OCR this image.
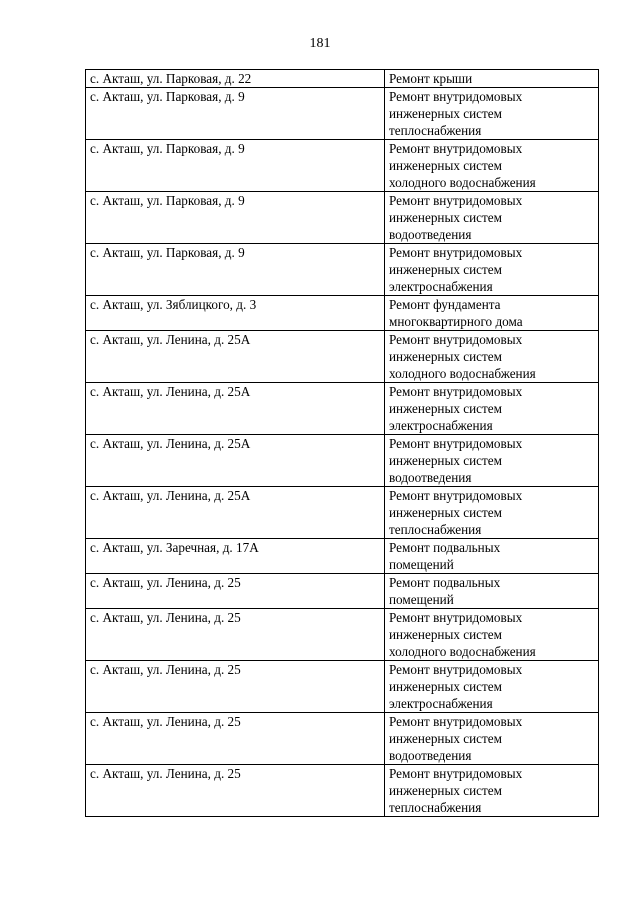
181
с. Акташ, ул. Парковая, д. 22	Ремонт крыши

с. Акташ, ул. Парковая, д. 9	Ремонт внутридомовых
инженерных систем
теплоснабжения

с. Акташ, ул. Парковая, д. 9	Ремонт внутридомовых
инженерных систем
холодного водоснабжения

с. Акташ, ул. Парковая, д. 9	Ремонт внутридомовых
инженерных систем
водоотведения

с. Акташ, ул. Парковая, д. 9	Ремонт внутридомовых
инженерных систем
электроснабжения

с. Акташ, ул. Зяблицкого, д. 3	Ремонт фундамента
многоквартирного дома

с. Акташ, ул. Ленина, д. 25А	Ремонт внутридомовых
инженерных систем
холодного водоснабжения

с. Акташ, ул. Ленина, д. 25А	Ремонт внутридомовых
инженерных систем
электроснабжения

с. Акташ, ул. Ленина, д. 25А	Ремонт внутридомовых
инженерных систем
водоотведения

с. Акташ, ул. Ленина, д. 25А	Ремонт внутридомовых
инженерных систем
теплоснабжения

с. Акташ, ул. Заречная, д. 17А	Ремонт подвальных
помещений

с. Акташ, ул. Ленина, д. 25	Ремонт подвальных
помещений

с. Акташ, ул. Ленина, д. 25	Ремонт внутридомовых
инженерных систем
холодного водоснабжения

с. Акташ, ул. Ленина, д. 25	Ремонт внутридомовых
инженерных систем
электроснабжения

с. Акташ, ул. Ленина, д. 25	Ремонт внутридомовых
инженерных систем
водоотведения

с. Акташ, ул. Ленина, д. 25	Ремонт внутридомовых
инженерных систем
теплоснабжения
